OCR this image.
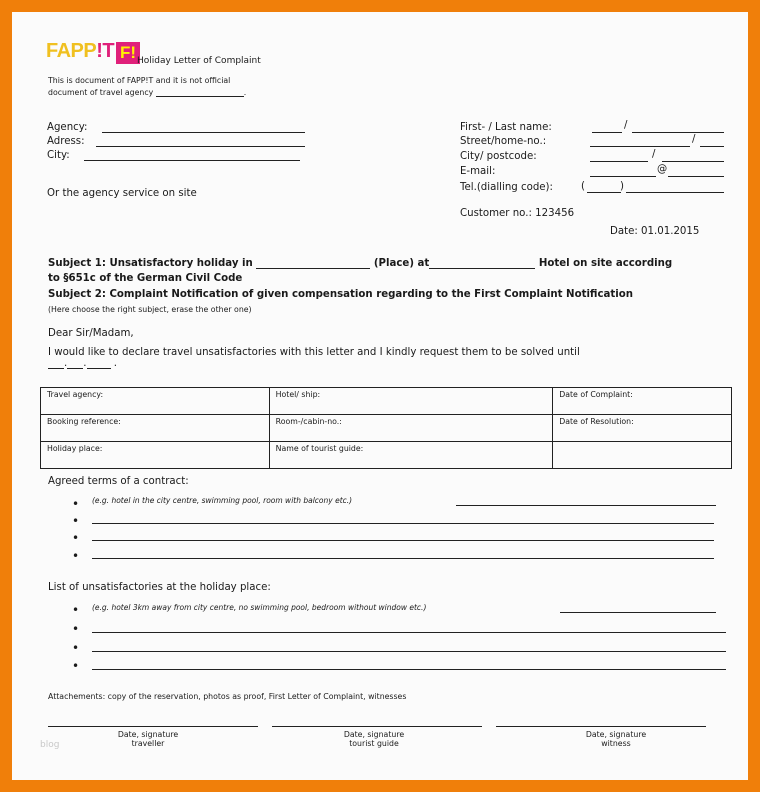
FAPP!T F! Holiday Letter of Complaint
This is document of FAPP!T and it is not official
document of travel agency	.
Agency:
Adress:
City:
Or the agency service on site
First- / Last name:	/
Street/home-no.:	/
City/ postcode:	/
E-mail:	@
Tel.(dialling code):	(	)
Customer no.: 123456
Date: 01.01.2015
Subject 1: Unsatisfactory holiday in	(Place) at	Hotel on site according
to §651c of the German Civil Code
Subject 2: Complaint Notification of given compensation regarding to the First Complaint Notification
(Here choose the right subject, erase the other one)
Dear Sir/Madam,
I would like to declare travel unsatisfactories with this letter and I kindly request them to be solved until
. .	.
Travel agency:	Hotel/ ship:	Date of Complaint:
Booking reference:	Room-/cabin-no.:	Date of Resolution:
Holiday place:	Name of tourist guide:	
Agreed terms of a contract:
• (e.g. hotel in the city centre, swimming pool, room with balcony etc.)
•
•
•
List of unsatisfactories at the holiday place:
• (e.g. hotel 3km away from city centre, no swimming pool, bedroom without window etc.)
•
•
•
Attachements: copy of the reservation, photos as proof, First Letter of Complaint, witnesses
Date, signature
traveller
Date, signature
tourist guide
Date, signature
witness
blog
